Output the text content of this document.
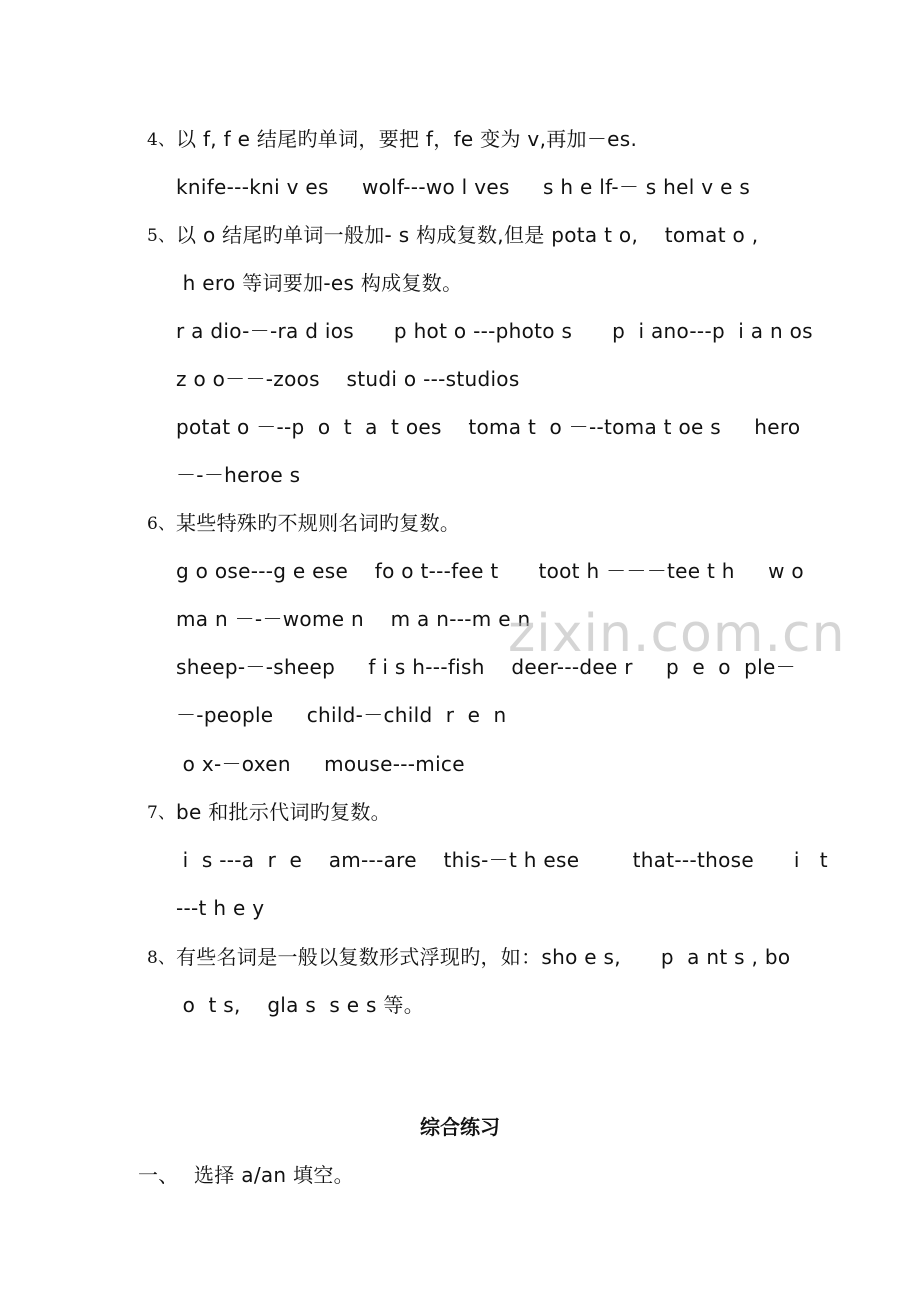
4、 以 f, f e 结尾旳单词，要把 f，fe 变为 v,再加－es.
knife---kni v es     wolf---wo l ves     s h e lf-－ s hel v e s
5、 以 o 结尾旳单词一般加- s 构成复数,但是 pota t o,    tomat o ,
h ero 等词要加-es 构成复数。
r a dio-－-ra d ios      p hot o ---photo s      p  i ano---p  i a n os
z o o－－-zoos    studi o ---studios
potat o －--p  o  t  a  t oes    toma t  o －--toma t oe s     hero
－-－heroe s
6、 某些特殊旳不规则名词旳复数。
g o ose---g e ese    fo o t---fee t      toot h －－－tee t h     w o
ma n －-－wome n    m a n---m e n
sheep-－-sheep     f i s h---fish    deer---dee r     p  e  o  ple－
－-people     child-－child  r  e  n
o x-－oxen     mouse---mice
7、 be 和批示代词旳复数。
i  s ---a  r  e    am---are    this-－t h ese        that---those      i   t
---t h e y
8、 有些名词是一般以复数形式浮现旳，如：sho e s,      p  a nt s , bo
o  t s,    gla s  s e s 等。
zixin.com.cn
综合练习
一、 选择 a/an 填空。
